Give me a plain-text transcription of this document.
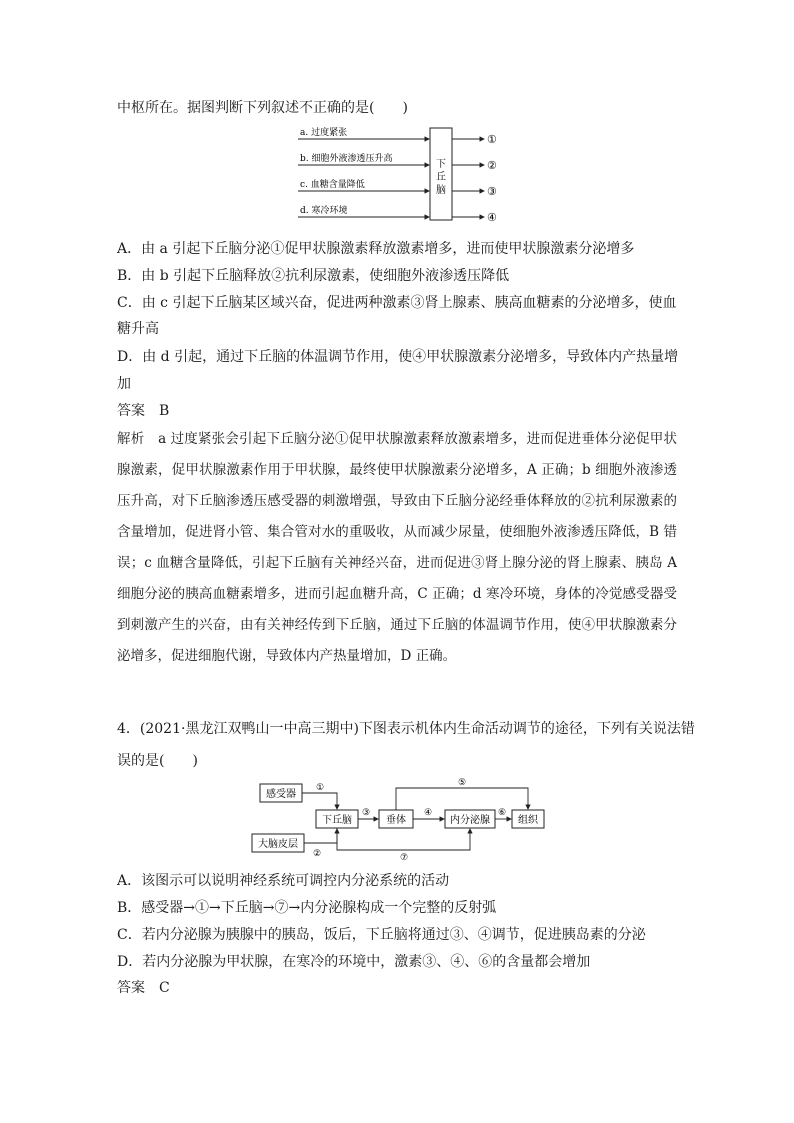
中枢所在。据图判断下列叙述不正确的是(　　)
下
丘
脑
a. 过度紧张
b. 细胞外液渗透压升高
c. 血糖含量降低
d. 寒冷环境
①
②
③
④
A．由 a 引起下丘脑分泌①促甲状腺激素释放激素增多，进而使甲状腺激素分泌增多
B．由 b 引起下丘脑释放②抗利尿激素，使细胞外液渗透压降低
C．由 c 引起下丘脑某区域兴奋，促进两种激素③肾上腺素、胰高血糖素的分泌增多，使血
糖升高
D．由 d 引起，通过下丘脑的体温调节作用，使④甲状腺激素分泌增多，导致体内产热量增
加
答案　B
解析　a 过度紧张会引起下丘脑分泌①促甲状腺激素释放激素增多，进而促进垂体分泌促甲状腺激素，促甲状腺激素作用于甲状腺，最终使甲状腺激素分泌增多，A 正确；b 细胞外液渗透压升高，对下丘脑渗透压感受器的刺激增强，导致由下丘脑分泌经垂体释放的②抗利尿激素的含量增加，促进肾小管、集合管对水的重吸收，从而减少尿量，使细胞外液渗透压降低，B 错误；c 血糖含量降低，引起下丘脑有关神经兴奋，进而促进③肾上腺分泌的肾上腺素、胰岛 A 细胞分泌的胰高血糖素增多，进而引起血糖升高，C 正确；d 寒冷环境，身体的冷觉感受器受到刺激产生的兴奋，由有关神经传到下丘脑，通过下丘脑的体温调节作用，使④甲状腺激素分泌增多，促进细胞代谢，导致体内产热量增加，D 正确。
4．(2021·黑龙江双鸭山一中高三期中)下图表示机体内生命活动调节的途径，下列有关说法错
误的是(　　)
感受器
大脑皮层
下丘脑	垂体	内分泌腺	组织
①
②
③	④	⑥
⑤
⑦
A．该图示可以说明神经系统可调控内分泌系统的活动
B．感受器→①→下丘脑→⑦→内分泌腺构成一个完整的反射弧
C．若内分泌腺为胰腺中的胰岛，饭后，下丘脑将通过③、④调节，促进胰岛素的分泌
D．若内分泌腺为甲状腺，在寒冷的环境中，激素③、④、⑥的含量都会增加
答案　C
